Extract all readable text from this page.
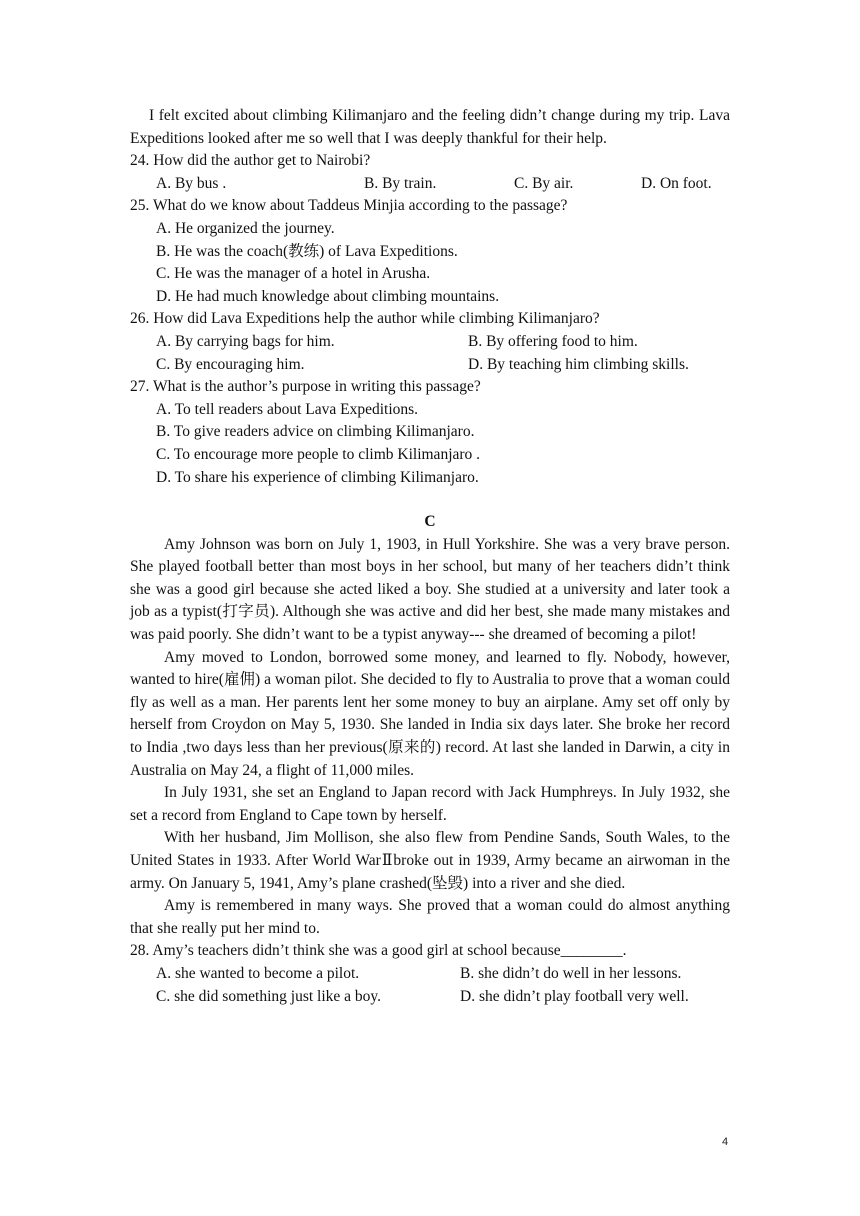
I felt excited about climbing Kilimanjaro and the feeling didn’t change during my trip. Lava Expeditions looked after me so well that I was deeply thankful for their help.

24. How did the author get to Nairobi?

A. By bus .	B. By train.	C. By air.	D. On foot.

25. What do we know about Taddeus Minjia according to the passage?

A. He organized the journey.
B. He was the coach(教练) of Lava Expeditions.
C. He was the manager of a hotel in Arusha.
D. He had much knowledge about climbing mountains.

26. How did Lava Expeditions help the author while climbing Kilimanjaro?

A. By carrying bags for him.	B. By offering food to him.
C. By encouraging him.	D. By teaching him climbing skills.

27. What is the author’s purpose in writing this passage?

A. To tell readers about Lava Expeditions.
B. To give readers advice on climbing Kilimanjaro.
C. To encourage more people to climb Kilimanjaro .
D. To share his experience of climbing Kilimanjaro.
C

Amy Johnson was born on July 1, 1903, in Hull Yorkshire. She was a very brave person. She played football better than most boys in her school, but many of her teachers didn’t think she was a good girl because she acted liked a boy. She studied at a university and later took a job as a typist(打字员). Although she was active and did her best, she made many mistakes and was paid poorly. She didn’t want to be a typist anyway--- she dreamed of becoming a pilot!

Amy moved to London, borrowed some money, and learned to fly. Nobody, however, wanted to hire(雇佣) a woman pilot. She decided to fly to Australia to prove that a woman could fly as well as a man. Her parents lent her some money to buy an airplane. Amy set off only by herself from Croydon on May 5, 1930. She landed in India six days later. She broke her record to India ,two days less than her previous(原来的) record. At last she landed in Darwin, a city in Australia on May 24, a flight of 11,000 miles.

In July 1931, she set an England to Japan record with Jack Humphreys. In July 1932, she set a record from England to Cape town by herself.

With her husband, Jim Mollison, she also flew from Pendine Sands, South Wales, to the United States in 1933. After World WarⅡbroke out in 1939, Army became an airwoman in the army. On January 5, 1941, Amy’s plane crashed(坠毁) into a river and she died.

Amy is remembered in many ways. She proved that a woman could do almost anything that she really put her mind to.

28. Amy’s teachers didn’t think she was a good girl at school because________.

A. she wanted to become a pilot.	B. she didn’t do well in her lessons.
C. she did something just like a boy.	D. she didn’t play football very well.
4
